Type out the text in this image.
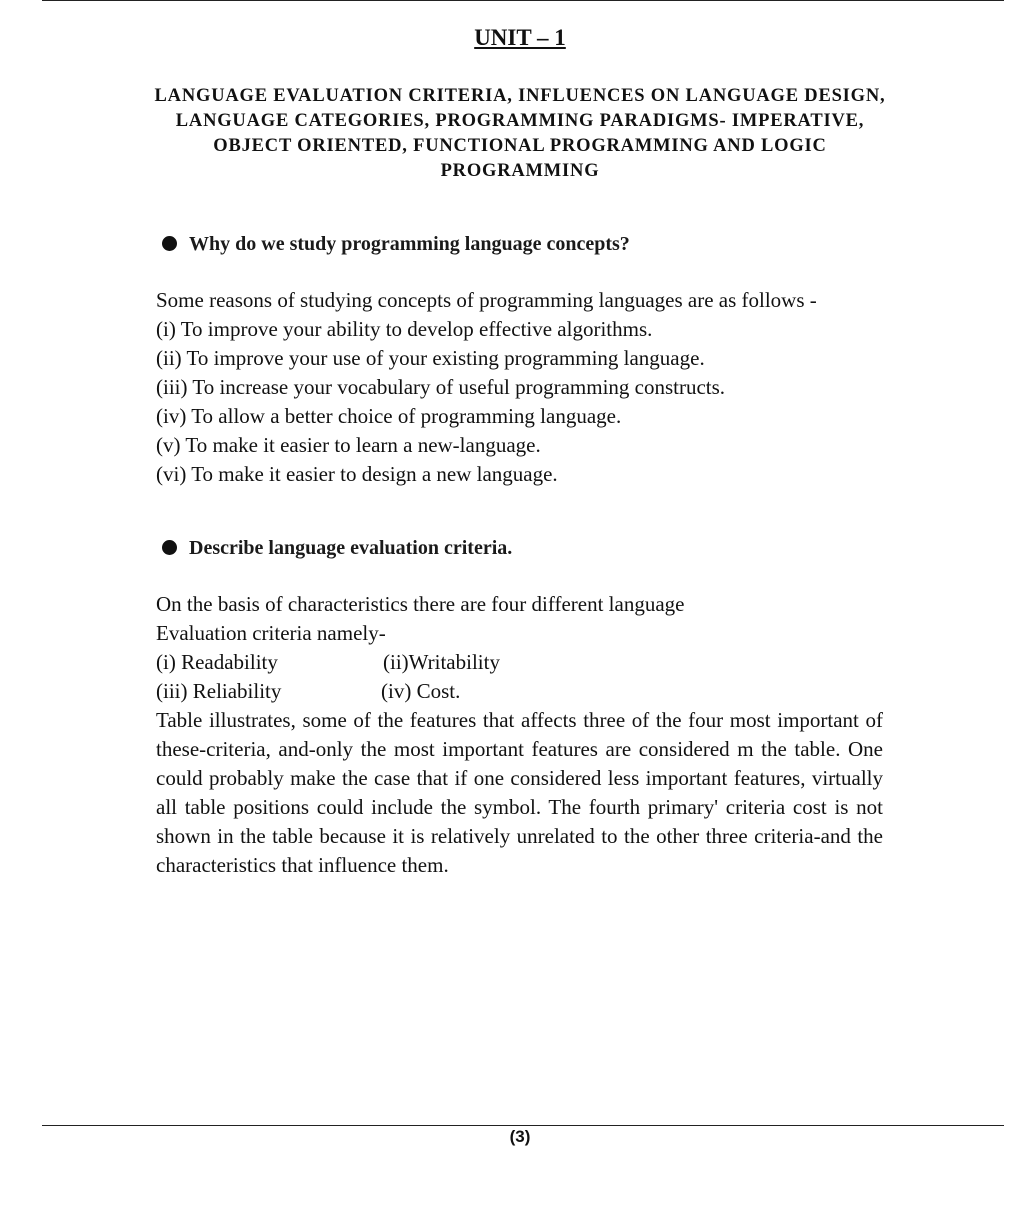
UNIT – 1
LANGUAGE EVALUATION CRITERIA, INFLUENCES ON LANGUAGE DESIGN, LANGUAGE CATEGORIES, PROGRAMMING PARADIGMS- IMPERATIVE, OBJECT ORIENTED, FUNCTIONAL PROGRAMMING AND LOGIC PROGRAMMING
Why do we study programming language concepts?
Some reasons of studying concepts of programming languages are as follows -
(i) To improve your ability to develop effective algorithms.
(ii) To improve your use of your existing programming language.
(iii) To increase your vocabulary of useful programming constructs.
(iv) To allow a better choice of programming language.
(v) To make it easier to learn a new-language.
(vi) To make it easier to design a new language.
Describe language evaluation criteria.
On the basis of characteristics there are four different language
Evaluation criteria namely-
(i) Readability	(ii)Writability
(iii) Reliability	(iv) Cost.
Table illustrates, some of the features that affects three of the four most important of these-criteria, and-only the most important features are considered m the table. One could probably make the case that if one considered less important features, virtually all table positions could include the symbol. The fourth primary' criteria cost is not shown in the table because it is relatively unrelated to the other three criteria-and the characteristics that influence them.
(3)
